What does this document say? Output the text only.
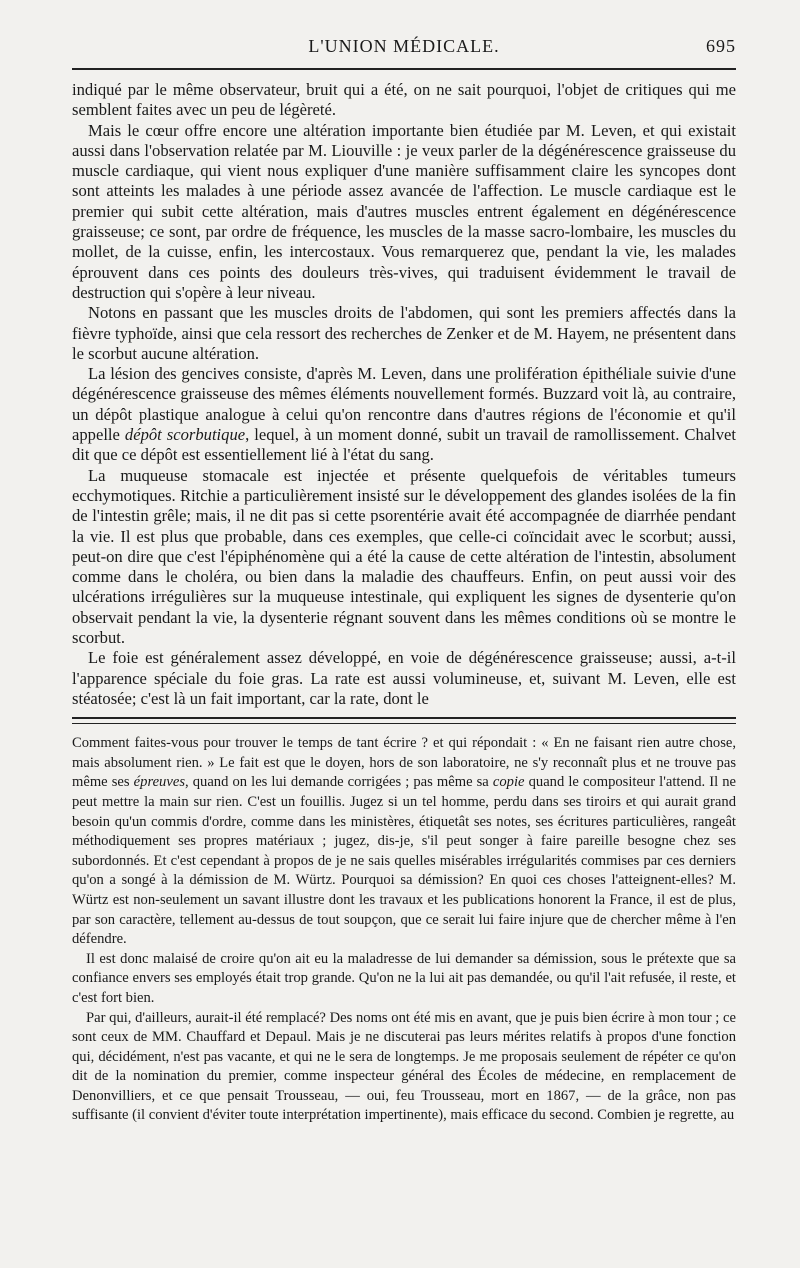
L'UNION MÉDICALE.	695

indiqué par le même observateur, bruit qui a été, on ne sait pourquoi, l'objet de critiques qui me semblent faites avec un peu de légèreté.

Mais le cœur offre encore une altération importante bien étudiée par M. Leven, et qui existait aussi dans l'observation relatée par M. Liouville : je veux parler de la dégénérescence graisseuse du muscle cardiaque, qui vient nous expliquer d'une manière suffisamment claire les syncopes dont sont atteints les malades à une période assez avancée de l'affection. Le muscle cardiaque est le premier qui subit cette altération, mais d'autres muscles entrent également en dégénérescence graisseuse; ce sont, par ordre de fréquence, les muscles de la masse sacro-lombaire, les muscles du mollet, de la cuisse, enfin, les intercostaux. Vous remarquerez que, pendant la vie, les malades éprouvent dans ces points des douleurs très-vives, qui traduisent évidemment le travail de destruction qui s'opère à leur niveau.

Notons en passant que les muscles droits de l'abdomen, qui sont les premiers affectés dans la fièvre typhoïde, ainsi que cela ressort des recherches de Zenker et de M. Hayem, ne présentent dans le scorbut aucune altération.

La lésion des gencives consiste, d'après M. Leven, dans une prolifération épithéliale suivie d'une dégénérescence graisseuse des mêmes éléments nouvellement formés. Buzzard voit là, au contraire, un dépôt plastique analogue à celui qu'on rencontre dans d'autres régions de l'économie et qu'il appelle dépôt scorbutique, lequel, à un moment donné, subit un travail de ramollissement. Chalvet dit que ce dépôt est essentiellement lié à l'état du sang.

La muqueuse stomacale est injectée et présente quelquefois de véritables tumeurs ecchymotiques. Ritchie a particulièrement insisté sur le développement des glandes isolées de la fin de l'intestin grêle; mais, il ne dit pas si cette psorentérie avait été accompagnée de diarrhée pendant la vie. Il est plus que probable, dans ces exemples, que celle-ci coïncidait avec le scorbut; aussi, peut-on dire que c'est l'épiphénomène qui a été la cause de cette altération de l'intestin, absolument comme dans le choléra, ou bien dans la maladie des chauffeurs. Enfin, on peut aussi voir des ulcérations irrégulières sur la muqueuse intestinale, qui expliquent les signes de dysenterie qu'on observait pendant la vie, la dysenterie régnant souvent dans les mêmes conditions où se montre le scorbut.

Le foie est généralement assez développé, en voie de dégénérescence graisseuse; aussi, a-t-il l'apparence spéciale du foie gras. La rate est aussi volumineuse, et, suivant M. Leven, elle est stéatosée; c'est là un fait important, car la rate, dont le

Comment faites-vous pour trouver le temps de tant écrire ? et qui répondait : « En ne faisant rien autre chose, mais absolument rien. » Le fait est que le doyen, hors de son laboratoire, ne s'y reconnaît plus et ne trouve pas même ses épreuves, quand on les lui demande corrigées ; pas même sa copie quand le compositeur l'attend. Il ne peut mettre la main sur rien. C'est un fouillis. Jugez si un tel homme, perdu dans ses tiroirs et qui aurait grand besoin qu'un commis d'ordre, comme dans les ministères, étiquetât ses notes, ses écritures particulières, rangeât méthodiquement ses propres matériaux ; jugez, dis-je, s'il peut songer à faire pareille besogne chez ses subordonnés. Et c'est cependant à propos de je ne sais quelles misérables irrégularités commises par ces derniers qu'on a songé à la démission de M. Würtz. Pourquoi sa démission? En quoi ces choses l'atteignent-elles? M. Würtz est non-seulement un savant illustre dont les travaux et les publications honorent la France, il est de plus, par son caractère, tellement au-dessus de tout soupçon, que ce serait lui faire injure que de chercher même à l'en défendre.

Il est donc malaisé de croire qu'on ait eu la maladresse de lui demander sa démission, sous le prétexte que sa confiance envers ses employés était trop grande. Qu'on ne la lui ait pas demandée, ou qu'il l'ait refusée, il reste, et c'est fort bien.

Par qui, d'ailleurs, aurait-il été remplacé? Des noms ont été mis en avant, que je puis bien écrire à mon tour ; ce sont ceux de MM. Chauffard et Depaul. Mais je ne discuterai pas leurs mérites relatifs à propos d'une fonction qui, décidément, n'est pas vacante, et qui ne le sera de longtemps. Je me proposais seulement de répéter ce qu'on dit de la nomination du premier, comme inspecteur général des Écoles de médecine, en remplacement de Denonvilliers, et ce que pensait Trousseau, — oui, feu Trousseau, mort en 1867, — de la grâce, non pas suffisante (il convient d'éviter toute interprétation impertinente), mais efficace du second. Combien je regrette, au
